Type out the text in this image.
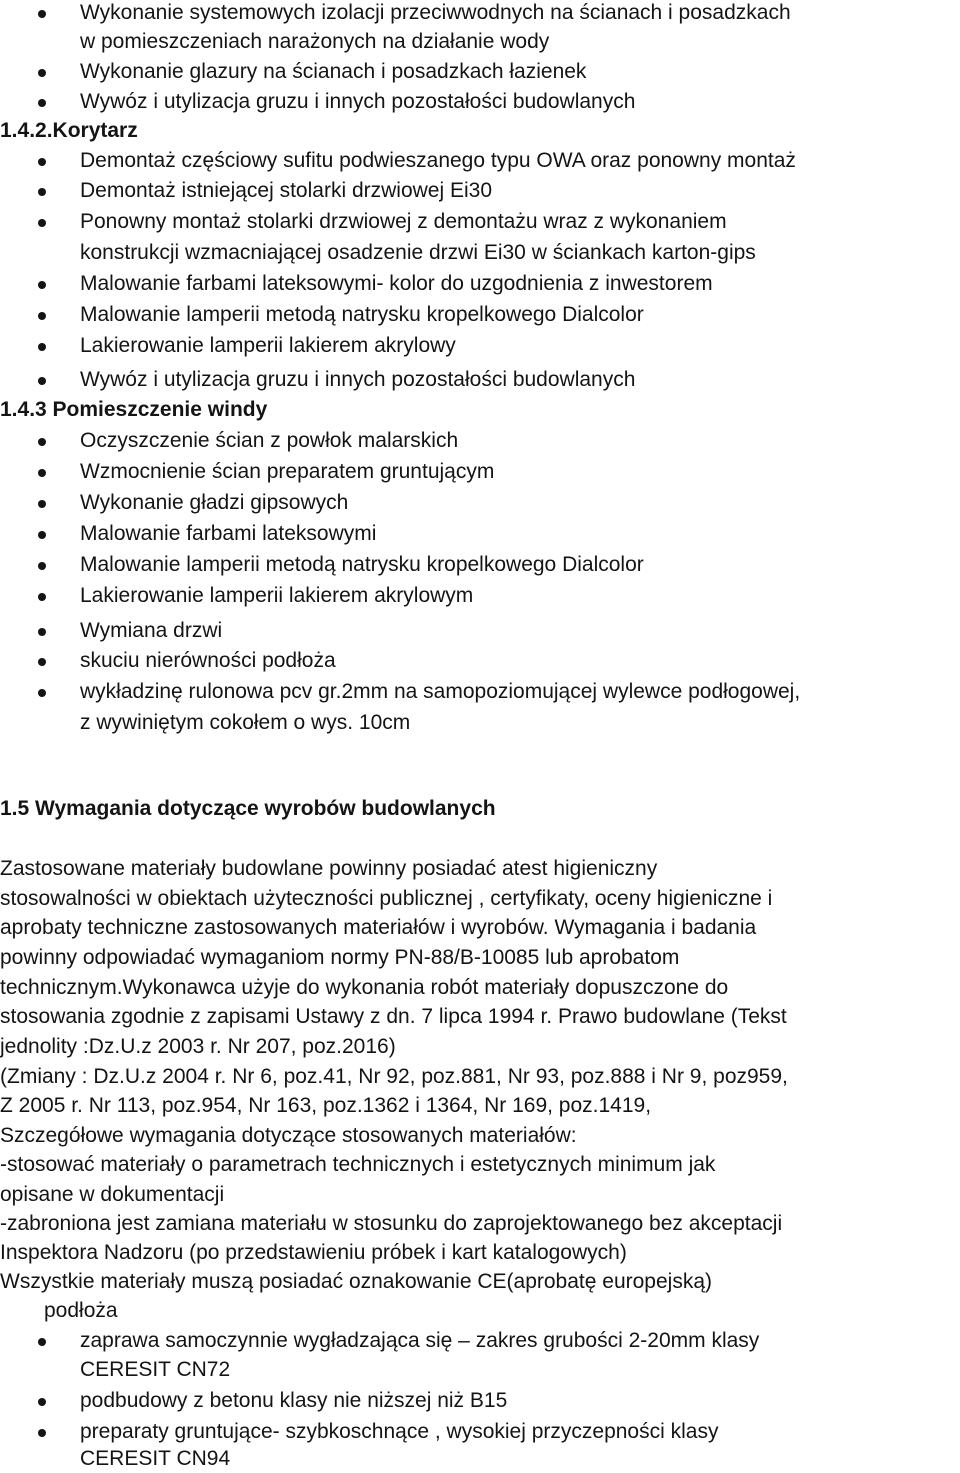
Wykonanie systemowych izolacji przeciwwodnych na ścianach i posadzkach
w pomieszczeniach narażonych na działanie wody
Wykonanie glazury na ścianach i posadzkach łazienek
Wywóz i utylizacja gruzu i innych pozostałości budowlanych
1.4.2.Korytarz
Demontaż częściowy sufitu podwieszanego typu OWA oraz ponowny montaż
Demontaż istniejącej stolarki drzwiowej Ei30
Ponowny montaż stolarki drzwiowej z demontażu wraz z wykonaniem
konstrukcji wzmacniającej osadzenie drzwi Ei30 w ściankach karton-gips
Malowanie farbami lateksowymi- kolor do uzgodnienia z inwestorem
Malowanie lamperii metodą natrysku kropelkowego Dialcolor
Lakierowanie lamperii lakierem akrylowy
Wywóz i utylizacja gruzu i innych pozostałości budowlanych
1.4.3 Pomieszczenie windy
Oczyszczenie ścian z powłok malarskich
Wzmocnienie ścian preparatem gruntującym
Wykonanie gładzi gipsowych
Malowanie farbami lateksowymi
Malowanie lamperii metodą natrysku kropelkowego Dialcolor
Lakierowanie lamperii lakierem akrylowym
Wymiana drzwi
skuciu nierówności podłoża
wykładzinę rulonowa pcv gr.2mm na samopoziomującej wylewce podłogowej,
z wywiniętym cokołem o wys. 10cm
1.5 Wymagania dotyczące wyrobów budowlanych
Zastosowane materiały budowlane powinny posiadać atest higieniczny
stosowalności w obiektach użyteczności publicznej , certyfikaty, oceny higieniczne i
aprobaty techniczne zastosowanych materiałów i wyrobów. Wymagania i badania
powinny odpowiadać wymaganiom normy PN-88/B-10085 lub aprobatom
technicznym.Wykonawca użyje do wykonania robót materiały dopuszczone do
stosowania zgodnie z zapisami Ustawy z dn. 7 lipca 1994 r. Prawo budowlane (Tekst
jednolity :Dz.U.z 2003 r. Nr 207, poz.2016)
(Zmiany : Dz.U.z 2004 r. Nr 6, poz.41, Nr 92, poz.881, Nr 93, poz.888 i Nr 9, poz959,
Z 2005 r. Nr 113, poz.954, Nr 163, poz.1362 i 1364, Nr 169, poz.1419,
Szczegółowe wymagania dotyczące stosowanych materiałów:
-stosować materiały o parametrach technicznych i estetycznych minimum jak
opisane w dokumentacji
-zabroniona jest zamiana materiału w stosunku do zaprojektowanego bez akceptacji
Inspektora Nadzoru (po przedstawieniu próbek i kart katalogowych)
Wszystkie materiały muszą posiadać oznakowanie CE(aprobatę europejską)
podłoża
zaprawa samoczynnie wygładzająca się – zakres grubości 2-20mm klasy
CERESIT CN72
podbudowy z betonu klasy nie niższej niż B15
preparaty gruntujące- szybkoschnące , wysokiej przyczepności klasy
CERESIT CN94
